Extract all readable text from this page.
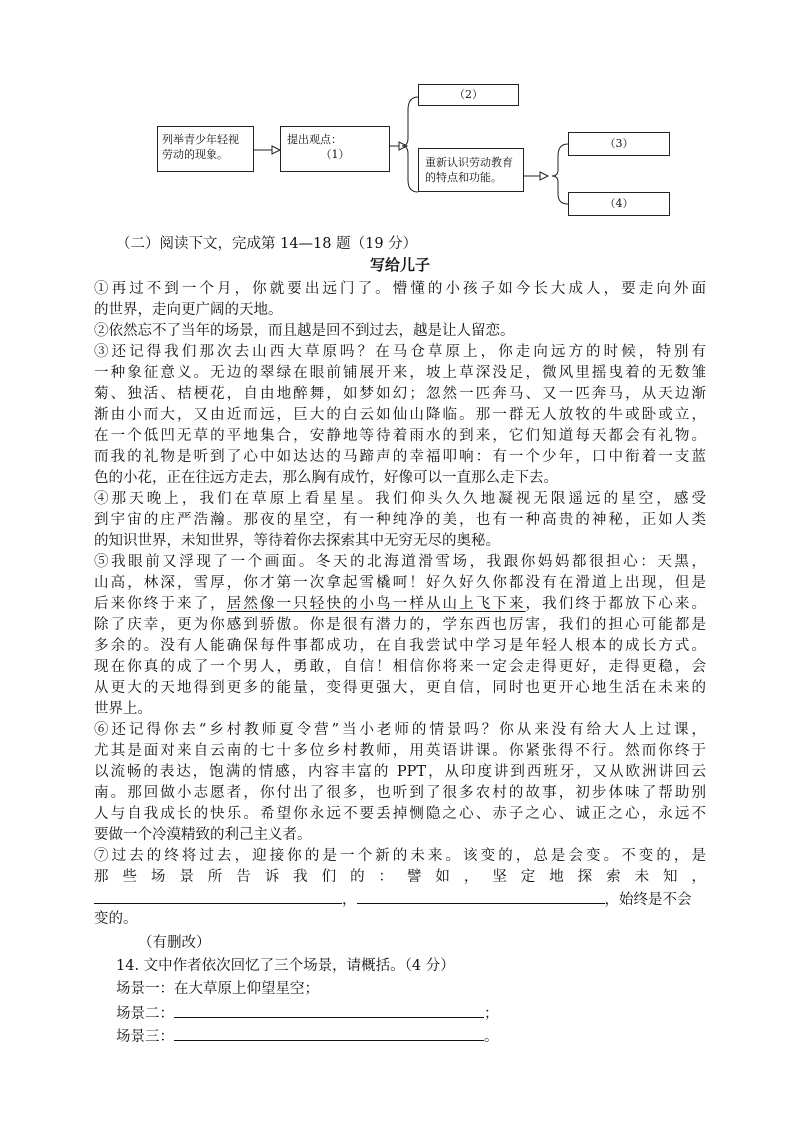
（2）
列举青少年轻视劳动的现象。
提出观点：
（1）
重新认识劳动教育的特点和功能。
（3）
（4）
（二）阅读下文，完成第 14—18 题（19 分）
写给儿子
①再过不到一个月，你就要出远门了。懵懂的小孩子如今长大成人，要走向外面
的世界，走向更广阔的天地。
②依然忘不了当年的场景，而且越是回不到过去，越是让人留恋。
③还记得我们那次去山西大草原吗？在马仓草原上，你走向远方的时候，特别有
一种象征意义。无边的翠绿在眼前铺展开来，坡上草深没足，微风里摇曳着的无数雏
菊、独活、桔梗花，自由地醉舞，如梦如幻；忽然一匹奔马、又一匹奔马，从天边渐
渐由小而大，又由近而远，巨大的白云如仙山降临。那一群无人放牧的牛或卧或立，
在一个低凹无草的平地集合，安静地等待着雨水的到来，它们知道每天都会有礼物。
而我的礼物是听到了心中如达达的马蹄声的幸福叩响：有一个少年，口中衔着一支蓝
色的小花，正在往远方走去，那么胸有成竹，好像可以一直那么走下去。
④那天晚上，我们在草原上看星星。我们仰头久久地凝视无限遥远的星空，感受
到宇宙的庄严浩瀚。那夜的星空，有一种纯净的美，也有一种高贵的神秘，正如人类
的知识世界，未知世界，等待着你去探索其中无穷无尽的奥秘。
⑤我眼前又浮现了一个画面。冬天的北海道滑雪场，我跟你妈妈都很担心：天黑，
山高，林深，雪厚，你才第一次拿起雪橇呵！好久好久你都没有在滑道上出现，但是
后来你终于来了，居然像一只轻快的小鸟一样从山上飞下来，我们终于都放下心来。
除了庆幸，更为你感到骄傲。你是很有潜力的，学东西也厉害，我们的担心可能都是
多余的。没有人能确保每件事都成功，在自我尝试中学习是年轻人根本的成长方式。
现在你真的成了一个男人，勇敢，自信！相信你将来一定会走得更好，走得更稳，会
从更大的天地得到更多的能量，变得更强大，更自信，同时也更开心地生活在未来的
世界上。
⑥还记得你去“乡村教师夏令营”当小老师的情景吗？你从来没有给大人上过课，
尤其是面对来自云南的七十多位乡村教师，用英语讲课。你紧张得不行。然而你终于
以流畅的表达，饱满的情感，内容丰富的 PPT，从印度讲到西班牙，又从欧洲讲回云
南。那回做小志愿者，你付出了很多，也听到了很多农村的故事，初步体味了帮助别
人与自我成长的快乐。希望你永远不要丢掉恻隐之心、赤子之心、诚正之心，永远不
要做一个冷漠精致的利己主义者。
⑦过去的终将过去，迎接你的是一个新的未来。该变的，总是会变。不变的，是
那 些 场 景 所 告 诉 我 们 的 ： 譬 如 ， 坚 定 地 探 索 未 知 ，
，	，始终是不会
变的。
（有删改）
14. 文中作者依次回忆了三个场景，请概括。（4 分）
场景一：在大草原上仰望星空；
场景二：	；
场景三：	。
